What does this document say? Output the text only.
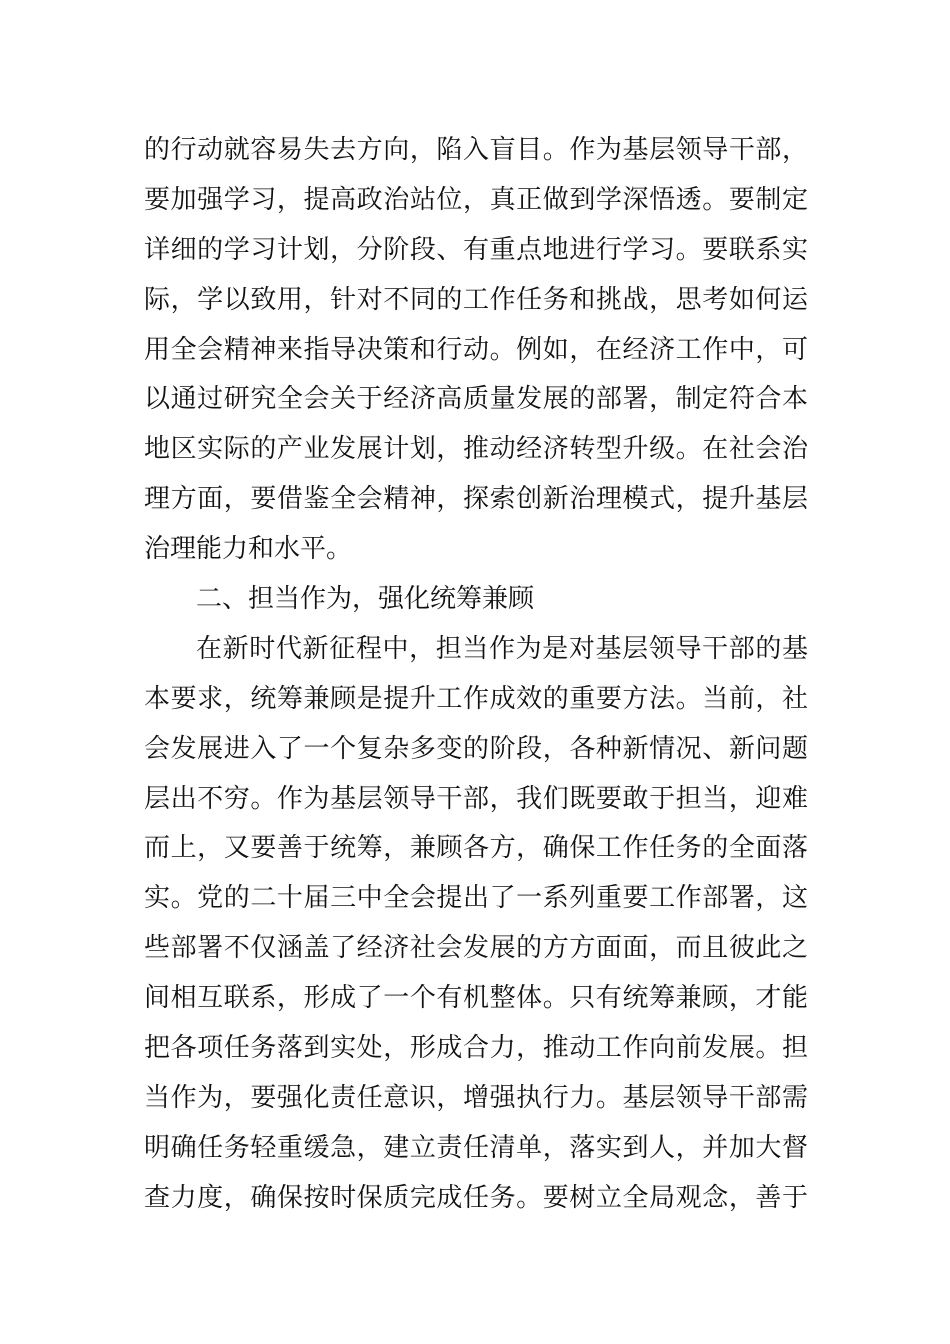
的行动就容易失去方向，陷入盲目。作为基层领导干部，
要加强学习，提高政治站位，真正做到学深悟透。要制定
详细的学习计划，分阶段、有重点地进行学习。要联系实
际，学以致用，针对不同的工作任务和挑战，思考如何运
用全会精神来指导决策和行动。例如，在经济工作中，可
以通过研究全会关于经济高质量发展的部署，制定符合本
地区实际的产业发展计划，推动经济转型升级。在社会治
理方面，要借鉴全会精神，探索创新治理模式，提升基层
治理能力和水平。
二、担当作为，强化统筹兼顾
在新时代新征程中，担当作为是对基层领导干部的基
本要求，统筹兼顾是提升工作成效的重要方法。当前，社
会发展进入了一个复杂多变的阶段，各种新情况、新问题
层出不穷。作为基层领导干部，我们既要敢于担当，迎难
而上，又要善于统筹，兼顾各方，确保工作任务的全面落
实。党的二十届三中全会提出了一系列重要工作部署，这
些部署不仅涵盖了经济社会发展的方方面面，而且彼此之
间相互联系，形成了一个有机整体。只有统筹兼顾，才能
把各项任务落到实处，形成合力，推动工作向前发展。担
当作为，要强化责任意识，增强执行力。基层领导干部需
明确任务轻重缓急，建立责任清单，落实到人，并加大督
查力度，确保按时保质完成任务。要树立全局观念，善于
